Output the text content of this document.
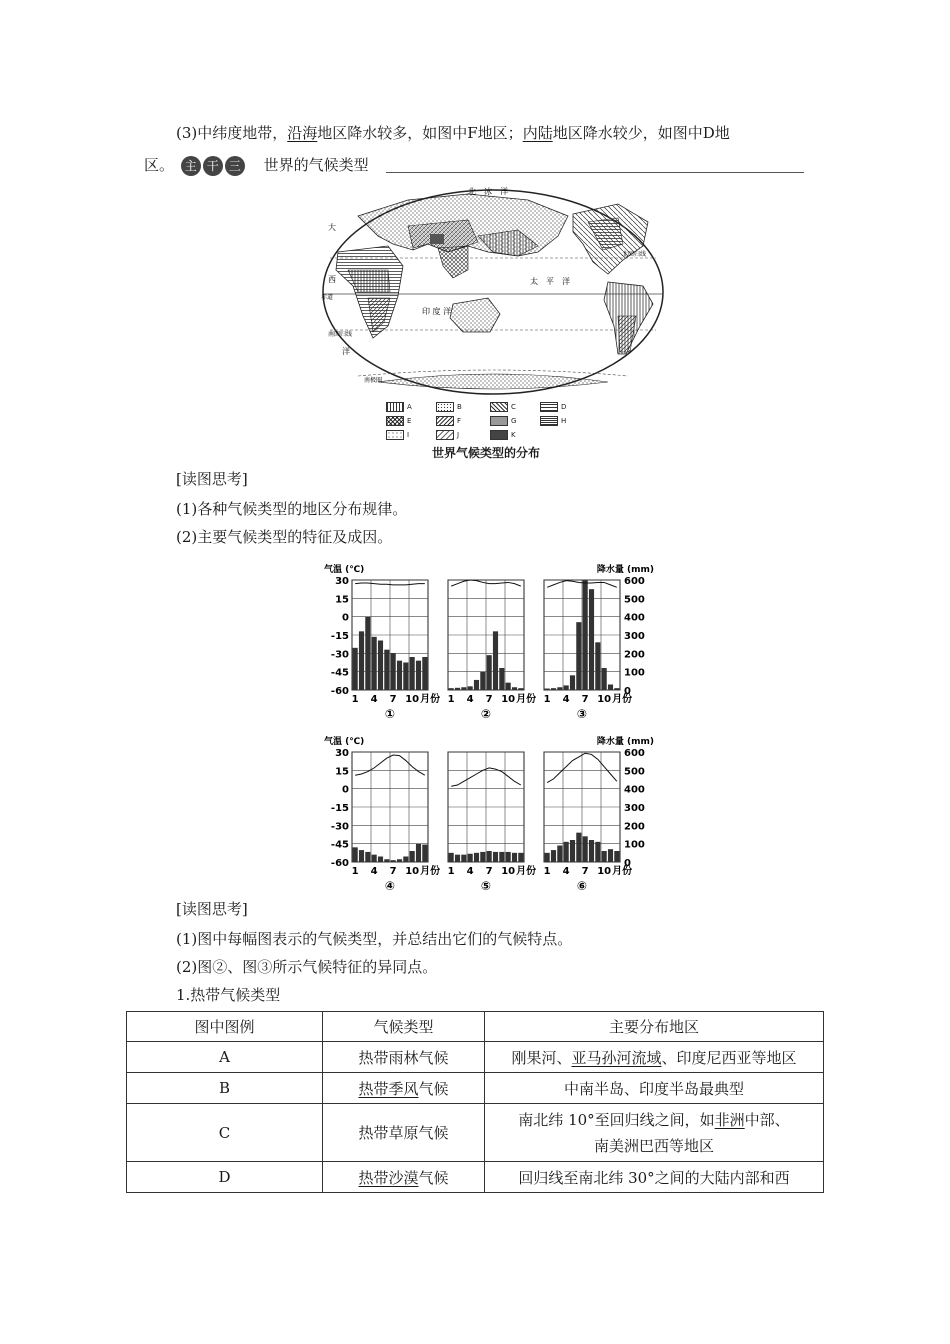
(3)中纬度地带，沿海地区降水较多，如图中F地区；内陆地区降水较少，如图中D地
区。 主 干 三 世界的气候类型
北　冰　洋
太　平　洋
印 度 洋
西
洋
大
北回归线
赤道
南回归线
南极圈
A	B	C	D
E	F	G	H
I	J	K
世界气候类型的分布
[读图思考]
(1)各种气候类型的地区分布规律。
(2)主要气候类型的特征及成因。
1 4 7 10 月份
①
30
15
0
-15
-30
-45
-60
气温 (℃)
1 4 7 10 月份
②
1 4 7 10 月份
③
600
500
400
300
200
100
0
降水量 (mm)
1 4 7 10 月份
④
30
15
0
-15
-30
-45
-60
气温 (℃)
1 4 7 10 月份
⑤
1 4 7 10 月份
⑥
600
500
400
300
200
100
0
降水量 (mm)
[读图思考]
(1)图中每幅图表示的气候类型，并总结出它们的气候特点。
(2)图②、图③所示气候特征的异同点。
1.热带气候类型
图中图例	气候类型	主要分布地区
A	热带雨林气候	刚果河、亚马孙河流域、印度尼西亚等地区
B	热带季风气候	中南半岛、印度半岛最典型
C	热带草原气候	南北纬 10°至回归线之间，如非洲中部、
南美洲巴西等地区
D	热带沙漠气候	回归线至南北纬 30°之间的大陆内部和西
